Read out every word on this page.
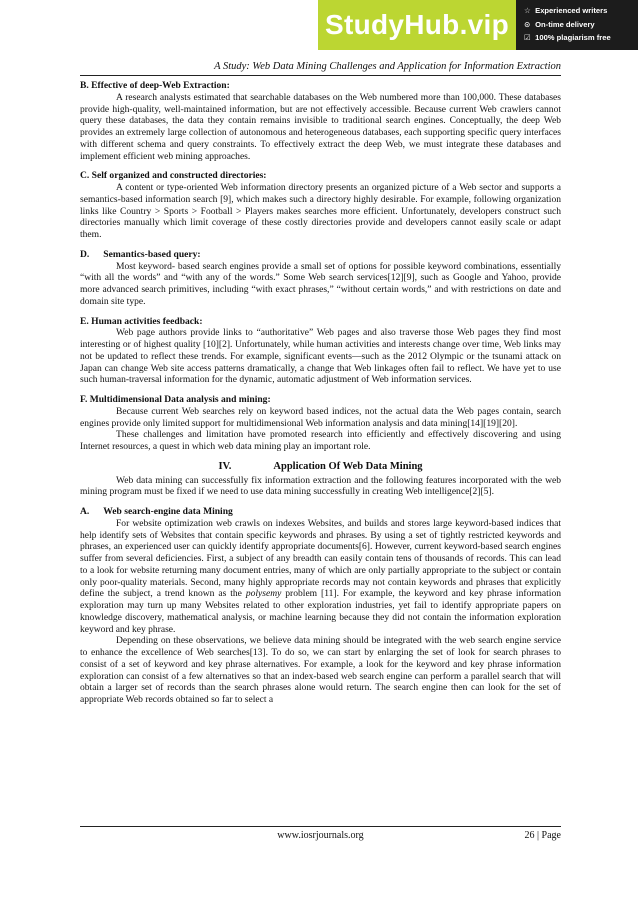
StudyHub.vip	☆ Experienced writers
⊙ On-time delivery
☑ 100% plagiarism free
A Study: Web Data Mining Challenges and Application for Information Extraction

B. Effective of deep-Web Extraction:

A research analysts estimated that searchable databases on the Web numbered more than 100,000. These databases provide high-quality, well-maintained information, but are not effectively accessible. Because current Web crawlers cannot query these databases, the data they contain remains invisible to traditional search engines. Conceptually, the deep Web provides an extremely large collection of autonomous and heterogeneous databases, each supporting specific query interfaces with different schema and query constraints. To effectively extract the deep Web, we must integrate these databases and implement efficient web mining approaches.

C. Self organized and constructed directories:

A content or type-oriented Web information directory presents an organized picture of a Web sector and supports a semantics-based information search [9], which makes such a directory highly desirable. For example, following organization links like Country > Sports > Football > Players makes searches more efficient. Unfortunately, developers construct such directories manually which limit coverage of these costly directories provide and developers cannot easily scale or adapt them.

D. Semantics-based query:

Most keyword- based search engines provide a small set of options for possible keyword combinations, essentially “with all the words” and “with any of the words.” Some Web search services[12][9], such as Google and Yahoo, provide more advanced search primitives, including “with exact phrases,” “without certain words,” and with restrictions on date and domain site type.

E. Human activities feedback:

Web page authors provide links to “authoritative” Web pages and also traverse those Web pages they find most interesting or of highest quality [10][2]. Unfortunately, while human activities and interests change over time, Web links may not be updated to reflect these trends. For example, significant events—such as the 2012 Olympic or the tsunami attack on Japan can change Web site access patterns dramatically, a change that Web linkages often fail to reflect. We have yet to use such human-traversal information for the dynamic, automatic adjustment of Web information services.

F. Multidimensional Data analysis and mining:

Because current Web searches rely on keyword based indices, not the actual data the Web pages contain, search engines provide only limited support for multidimensional Web information analysis and data mining[14][19][20].

These challenges and limitation have promoted research into efficiently and effectively discovering and using Internet resources, a quest in which web data mining play an important role.

IV.	Application Of Web Data Mining

Web data mining can successfully fix information extraction and the following features incorporated with the web mining program must be fixed if we need to use data mining successfully in creating Web intelligence[2][5].

A. Web search-engine data Mining

For website optimization web crawls on indexes Websites, and builds and stores large keyword-based indices that help identify sets of Websites that contain specific keywords and phrases. By using a set of tightly restricted keywords and phrases, an experienced user can quickly identify appropriate documents[6]. However, current keyword-based search engines suffer from several deficiencies. First, a subject of any breadth can easily contain tens of thousands of records. This can lead to a look for website returning many document entries, many of which are only partially appropriate to the subject or contain only poor-quality materials. Second, many highly appropriate records may not contain keywords and phrases that explicitly define the subject, a trend known as the polysemy problem [11]. For example, the keyword and key phrase information exploration may turn up many Websites related to other exploration industries, yet fail to identify appropriate papers on knowledge discovery, mathematical analysis, or machine learning because they did not contain the information exploration keyword and key phrase.

Depending on these observations, we believe data mining should be integrated with the web search engine service to enhance the excellence of Web searches[13]. To do so, we can start by enlarging the set of look for search phrases to consist of a set of keyword and key phrase alternatives. For example, a look for the keyword and key phrase information exploration can consist of a few alternatives so that an index-based web search engine can perform a parallel search that will obtain a larger set of records than the search phrases alone would return. The search engine then can look for the set of appropriate Web records obtained so far to select a

www.iosrjournals.org	26 | Page
